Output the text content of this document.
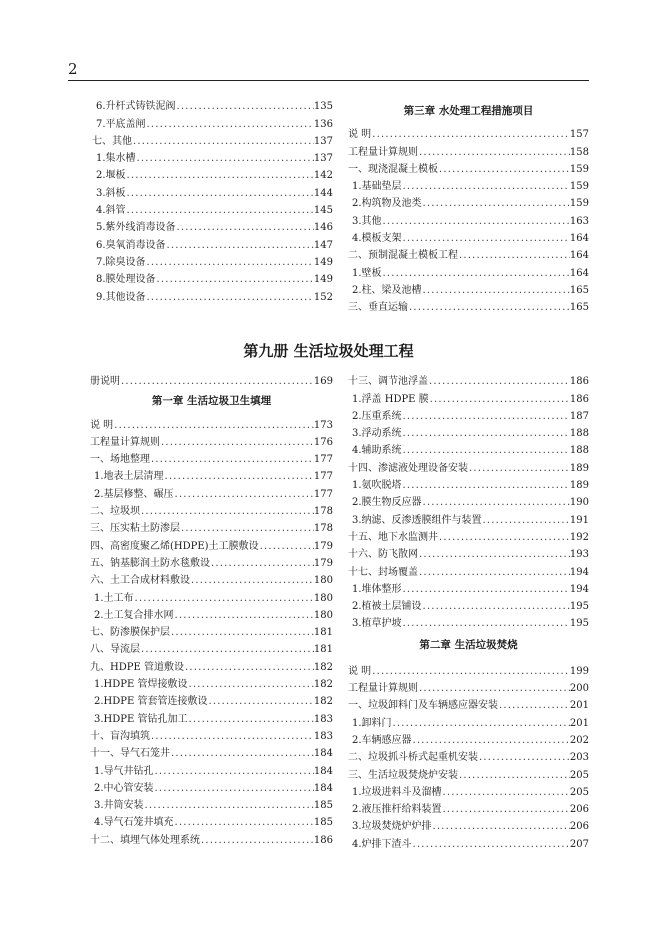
2
6.升杆式铸铁泥阀 .....	135
7.平底盖闸 .....	136
七、其他 .....	137
1.集水槽 .....	137
2.堰板 .....	142
3.斜板 .....	144
4.斜管 .....	145
5.紫外线消毒设备 .....	146
6.臭氧消毒设备 .....	147
7.除臭设备 .....	149
8.膜处理设备 .....	149
9.其他设备 .....	152
第三章 水处理工程措施项目
说 明 .....	157
工程量计算规则 .....	158
一、现浇混凝土模板 .....	159
1.基础垫层 .....	159
2.构筑物及池类 .....	159
3.其他 .....	163
4.模板支架 .....	164
二、预制混凝土模板工程 .....	164
1.壁板 .....	164
2.柱、梁及池槽 .....	165
三、垂直运输 .....	165
第九册 生活垃圾处理工程
册说明 .....	169
第一章 生活垃圾卫生填埋
说 明 .....	173
工程量计算规则 .....	176
一、场地整理 .....	177
1.地表土层清理 .....	177
2.基层修整、碾压 .....	177
二、垃圾坝 .....	178
三、压实粘土防渗层 .....	178
四、高密度聚乙烯(HDPE)土工膜敷设 .....	179
五、钠基膨润土防水毯敷设 .....	179
六、土工合成材料敷设 .....	180
1.土工布 .....	180
2.土工复合排水网 .....	180
七、防渗膜保护层 .....	181
八、导流层 .....	181
九、HDPE 管道敷设 .....	182
1.HDPE 管焊接敷设 .....	182
2.HDPE 管套管连接敷设 .....	182
3.HDPE 管钻孔加工 .....	183
十、盲沟填筑 .....	183
十一、导气石笼井 .....	184
1.导气井钻孔 .....	184
2.中心管安装 .....	184
3.井筒安装 .....	185
4.导气石笼井填充 .....	185
十二、填埋气体处理系统 .....	186
十三、调节池浮盖 .....	186
1.浮盖 HDPE 膜 .....	186
2.压重系统 .....	187
3.浮动系统 .....	188
4.辅助系统 .....	188
十四、渗滤液处理设备安装 .....	189
1.氨吹脱塔 .....	189
2.膜生物反应器 .....	190
3.纳滤、反渗透膜组件与装置 .....	191
十五、地下水监测井 .....	192
十六、防飞散网 .....	193
十七、封场覆盖 .....	194
1.堆体整形 .....	194
2.植被土层铺设 .....	195
3.植草护坡 .....	195
第二章 生活垃圾焚烧
说 明 .....	199
工程量计算规则 .....	200
一、垃圾卸料门及车辆感应器安装 .....	201
1.卸料门 .....	201
2.车辆感应器 .....	202
二、垃圾抓斗桥式起重机安装 .....	203
三、生活垃圾焚烧炉安装 .....	205
1.垃圾进料斗及溜槽 .....	205
2.液压推杆给料装置 .....	206
3.垃圾焚烧炉炉排 .....	206
4.炉排下渣斗 .....	207
